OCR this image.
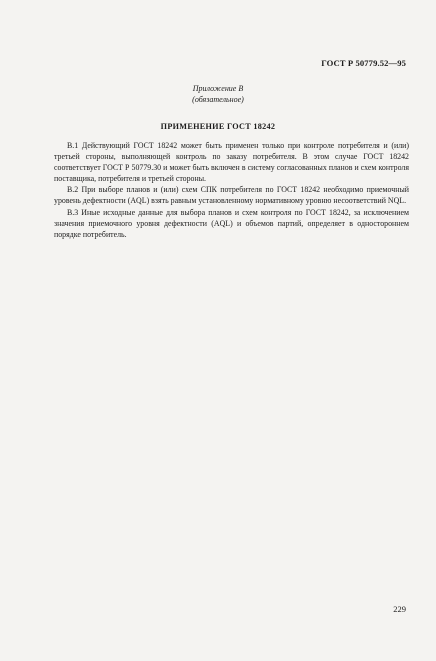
ГОСТ Р 50779.52—95
Приложение В
(обязательное)
ПРИМЕНЕНИЕ ГОСТ 18242

В.1 Действующий ГОСТ 18242 может быть применен только при контроле потребителя и (или) третьей стороны, выполняющей контроль по заказу потребителя. В этом случае ГОСТ 18242 соответствует ГОСТ Р 50779.30 и может быть включен в систему согласованных планов и схем контроля поставщика, потребителя и третьей стороны.

В.2 При выборе планов и (или) схем СПК потребителя по ГОСТ 18242 необходимо приемочный уровень дефектности (AQL) взять равным установленному нормативному уровню несоответствий NQL.

В.3 Иные исходные данные для выбора планов и схем контроля по ГОСТ 18242, за исключением значения приемочного уровня дефектности (AQL) и объемов партий, определяет в одностороннем порядке потребитель.

229
